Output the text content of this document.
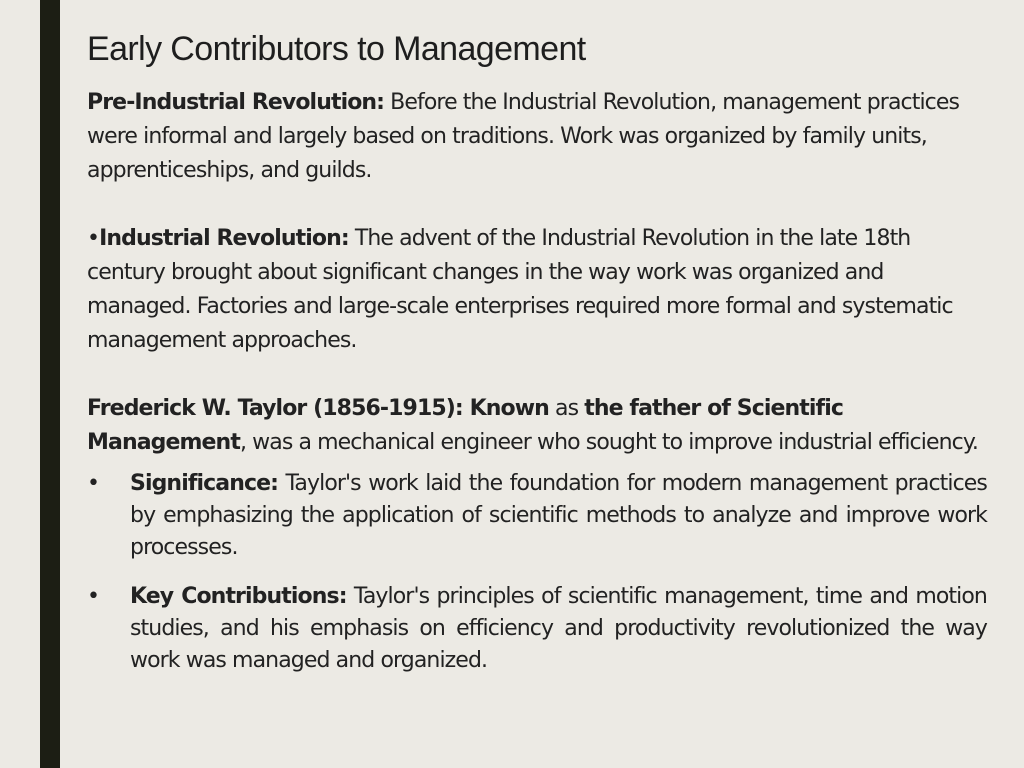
Early Contributors to Management

Pre-Industrial Revolution: Before the Industrial Revolution, management practices were informal and largely based on traditions. Work was organized by family units, apprenticeships, and guilds.

•Industrial Revolution: The advent of the Industrial Revolution in the late 18th century brought about significant changes in the way work was organized and managed. Factories and large-scale enterprises required more formal and systematic management approaches.

Frederick W. Taylor (1856-1915): Known as the father of Scientific Management, was a mechanical engineer who sought to improve industrial efficiency.

• Significance: Taylor's work laid the foundation for modern management practices by emphasizing the application of scientific methods to analyze and improve work processes.
• Key Contributions: Taylor's principles of scientific management, time and motion studies, and his emphasis on efficiency and productivity revolutionized the way work was managed and organized.
